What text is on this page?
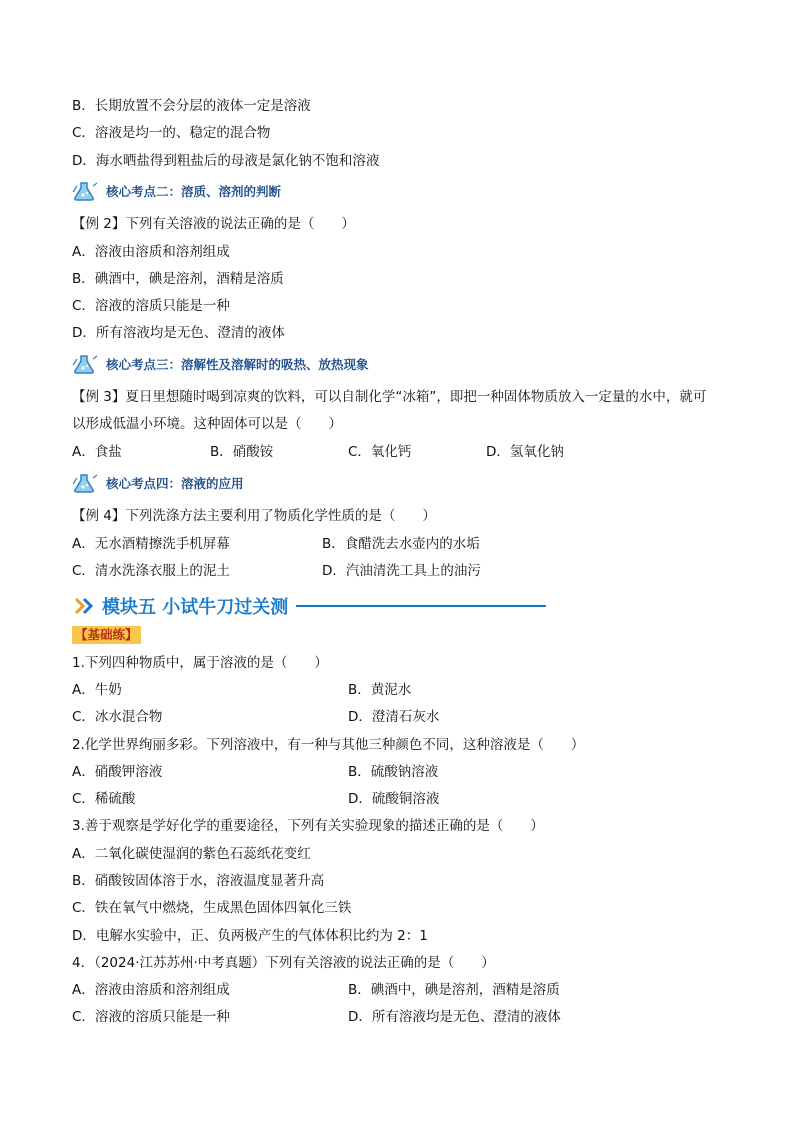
B．长期放置不会分层的液体一定是溶液
C．溶液是均一的、稳定的混合物
D．海水晒盐得到粗盐后的母液是氯化钠不饱和溶液
核心考点二：溶质、溶剂的判断
【例 2】下列有关溶液的说法正确的是（　　）
A．溶液由溶质和溶剂组成
B．碘酒中，碘是溶剂，酒精是溶质
C．溶液的溶质只能是一种
D．所有溶液均是无色、澄清的液体
核心考点三：溶解性及溶解时的吸热、放热现象
【例 3】夏日里想随时喝到凉爽的饮料，可以自制化学“冰箱”，即把一种固体物质放入一定量的水中，就可
以形成低温小环境。这种固体可以是（　　）
A．食盐	B．硝酸铵	C．氧化钙	D．氢氧化钠
核心考点四：溶液的应用
【例 4】下列洗涤方法主要利用了物质化学性质的是（　　）
A．无水酒精擦洗手机屏幕	B．食醋洗去水壶内的水垢
C．清水洗涤衣服上的泥土	D．汽油清洗工具上的油污
模块五 小试牛刀过关测
【基础练】
1.下列四种物质中，属于溶液的是（　　）
A．牛奶	B．黄泥水
C．冰水混合物	D．澄清石灰水
2.化学世界绚丽多彩。下列溶液中，有一种与其他三种颜色不同，这种溶液是（　　）
A．硝酸钾溶液	B．硫酸钠溶液
C．稀硫酸	D．硫酸铜溶液
3.善于观察是学好化学的重要途径，下列有关实验现象的描述正确的是（　　）
A．二氧化碳使湿润的紫色石蕊纸花变红
B．硝酸铵固体溶于水，溶液温度显著升高
C．铁在氧气中燃烧，生成黑色固体四氧化三铁
D．电解水实验中，正、负两极产生的气体体积比约为 2：1
4．（2024·江苏苏州·中考真题）下列有关溶液的说法正确的是（　　）
A．溶液由溶质和溶剂组成	B．碘酒中，碘是溶剂，酒精是溶质
C．溶液的溶质只能是一种	D．所有溶液均是无色、澄清的液体
